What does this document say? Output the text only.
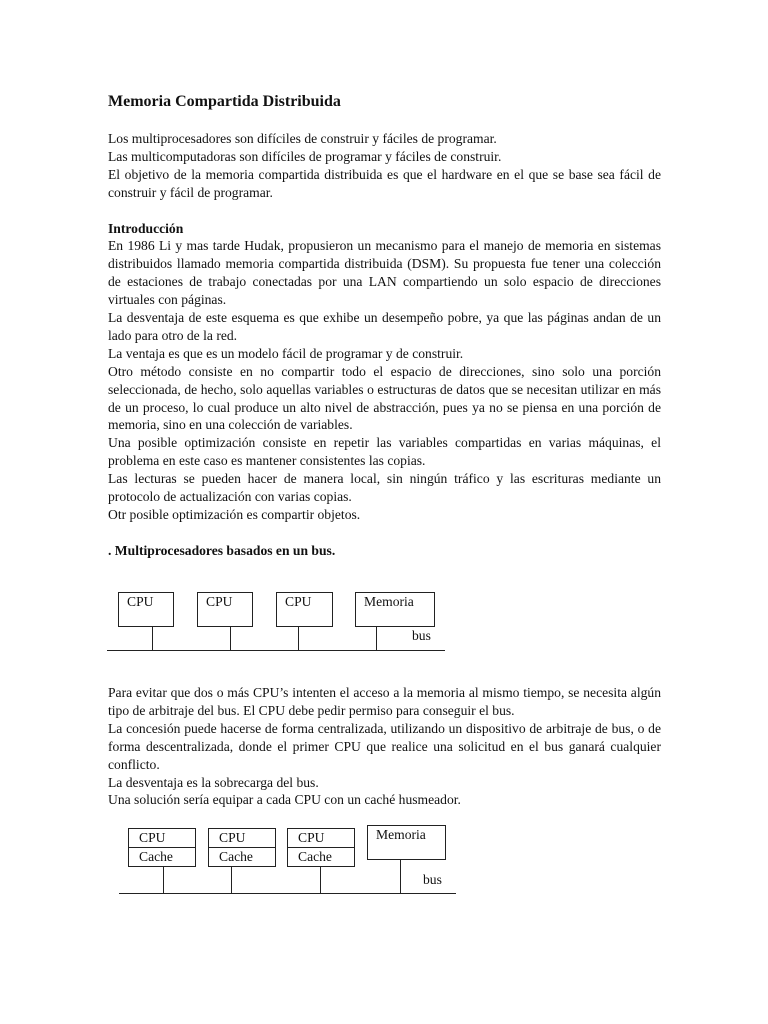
Memoria Compartida Distribuida

Los multiprocesadores son difíciles de construir y fáciles de programar.

Las multicomputadoras son difíciles de programar y fáciles de construir.

El objetivo de la memoria compartida distribuida es que el hardware en el que se base sea fácil de construir y fácil de programar.

Introducción

En 1986 Li y mas tarde Hudak, propusieron un mecanismo para el manejo de memoria en sistemas distribuidos llamado memoria compartida distribuida (DSM). Su propuesta fue tener una colección de estaciones de trabajo conectadas por una LAN compartiendo un solo espacio de direcciones virtuales con páginas.

La desventaja de este esquema es que exhibe un desempeño pobre, ya que las páginas andan de un lado para otro de la red.

La ventaja es que es un modelo fácil de programar y de construir.

Otro método consiste en no compartir todo el espacio de direcciones, sino solo una porción seleccionada, de hecho, solo aquellas variables o estructuras de datos que se necesitan utilizar en más de un proceso, lo cual produce un alto nivel de abstracción, pues ya no se piensa en una porción de memoria, sino en una colección de variables.

Una posible optimización consiste en repetir las variables compartidas en varias máquinas, el problema en este caso es mantener consistentes las copias.

Las lecturas se pueden hacer de manera local, sin ningún tráfico y las escrituras mediante un protocolo de actualización con varias copias.

Otr posible optimización es compartir objetos.

. Multiprocesadores basados en un bus.

CPU	CPU	CPU	Memoria
bus

Para evitar que dos o más CPU’s intenten el acceso a la memoria al mismo tiempo, se necesita algún tipo de arbitraje del bus. El CPU debe pedir permiso para conseguir el bus.

La concesión puede hacerse de forma centralizada, utilizando un dispositivo de arbitraje de bus, o de forma descentralizada, donde el primer CPU que realice una solicitud en el bus ganará cualquier conflicto.

La desventaja es la sobrecarga del bus.

Una solución sería equipar a cada CPU con un caché husmeador.

CPU
Cache
CPU
Cache
CPU
Cache
Memoria
bus
